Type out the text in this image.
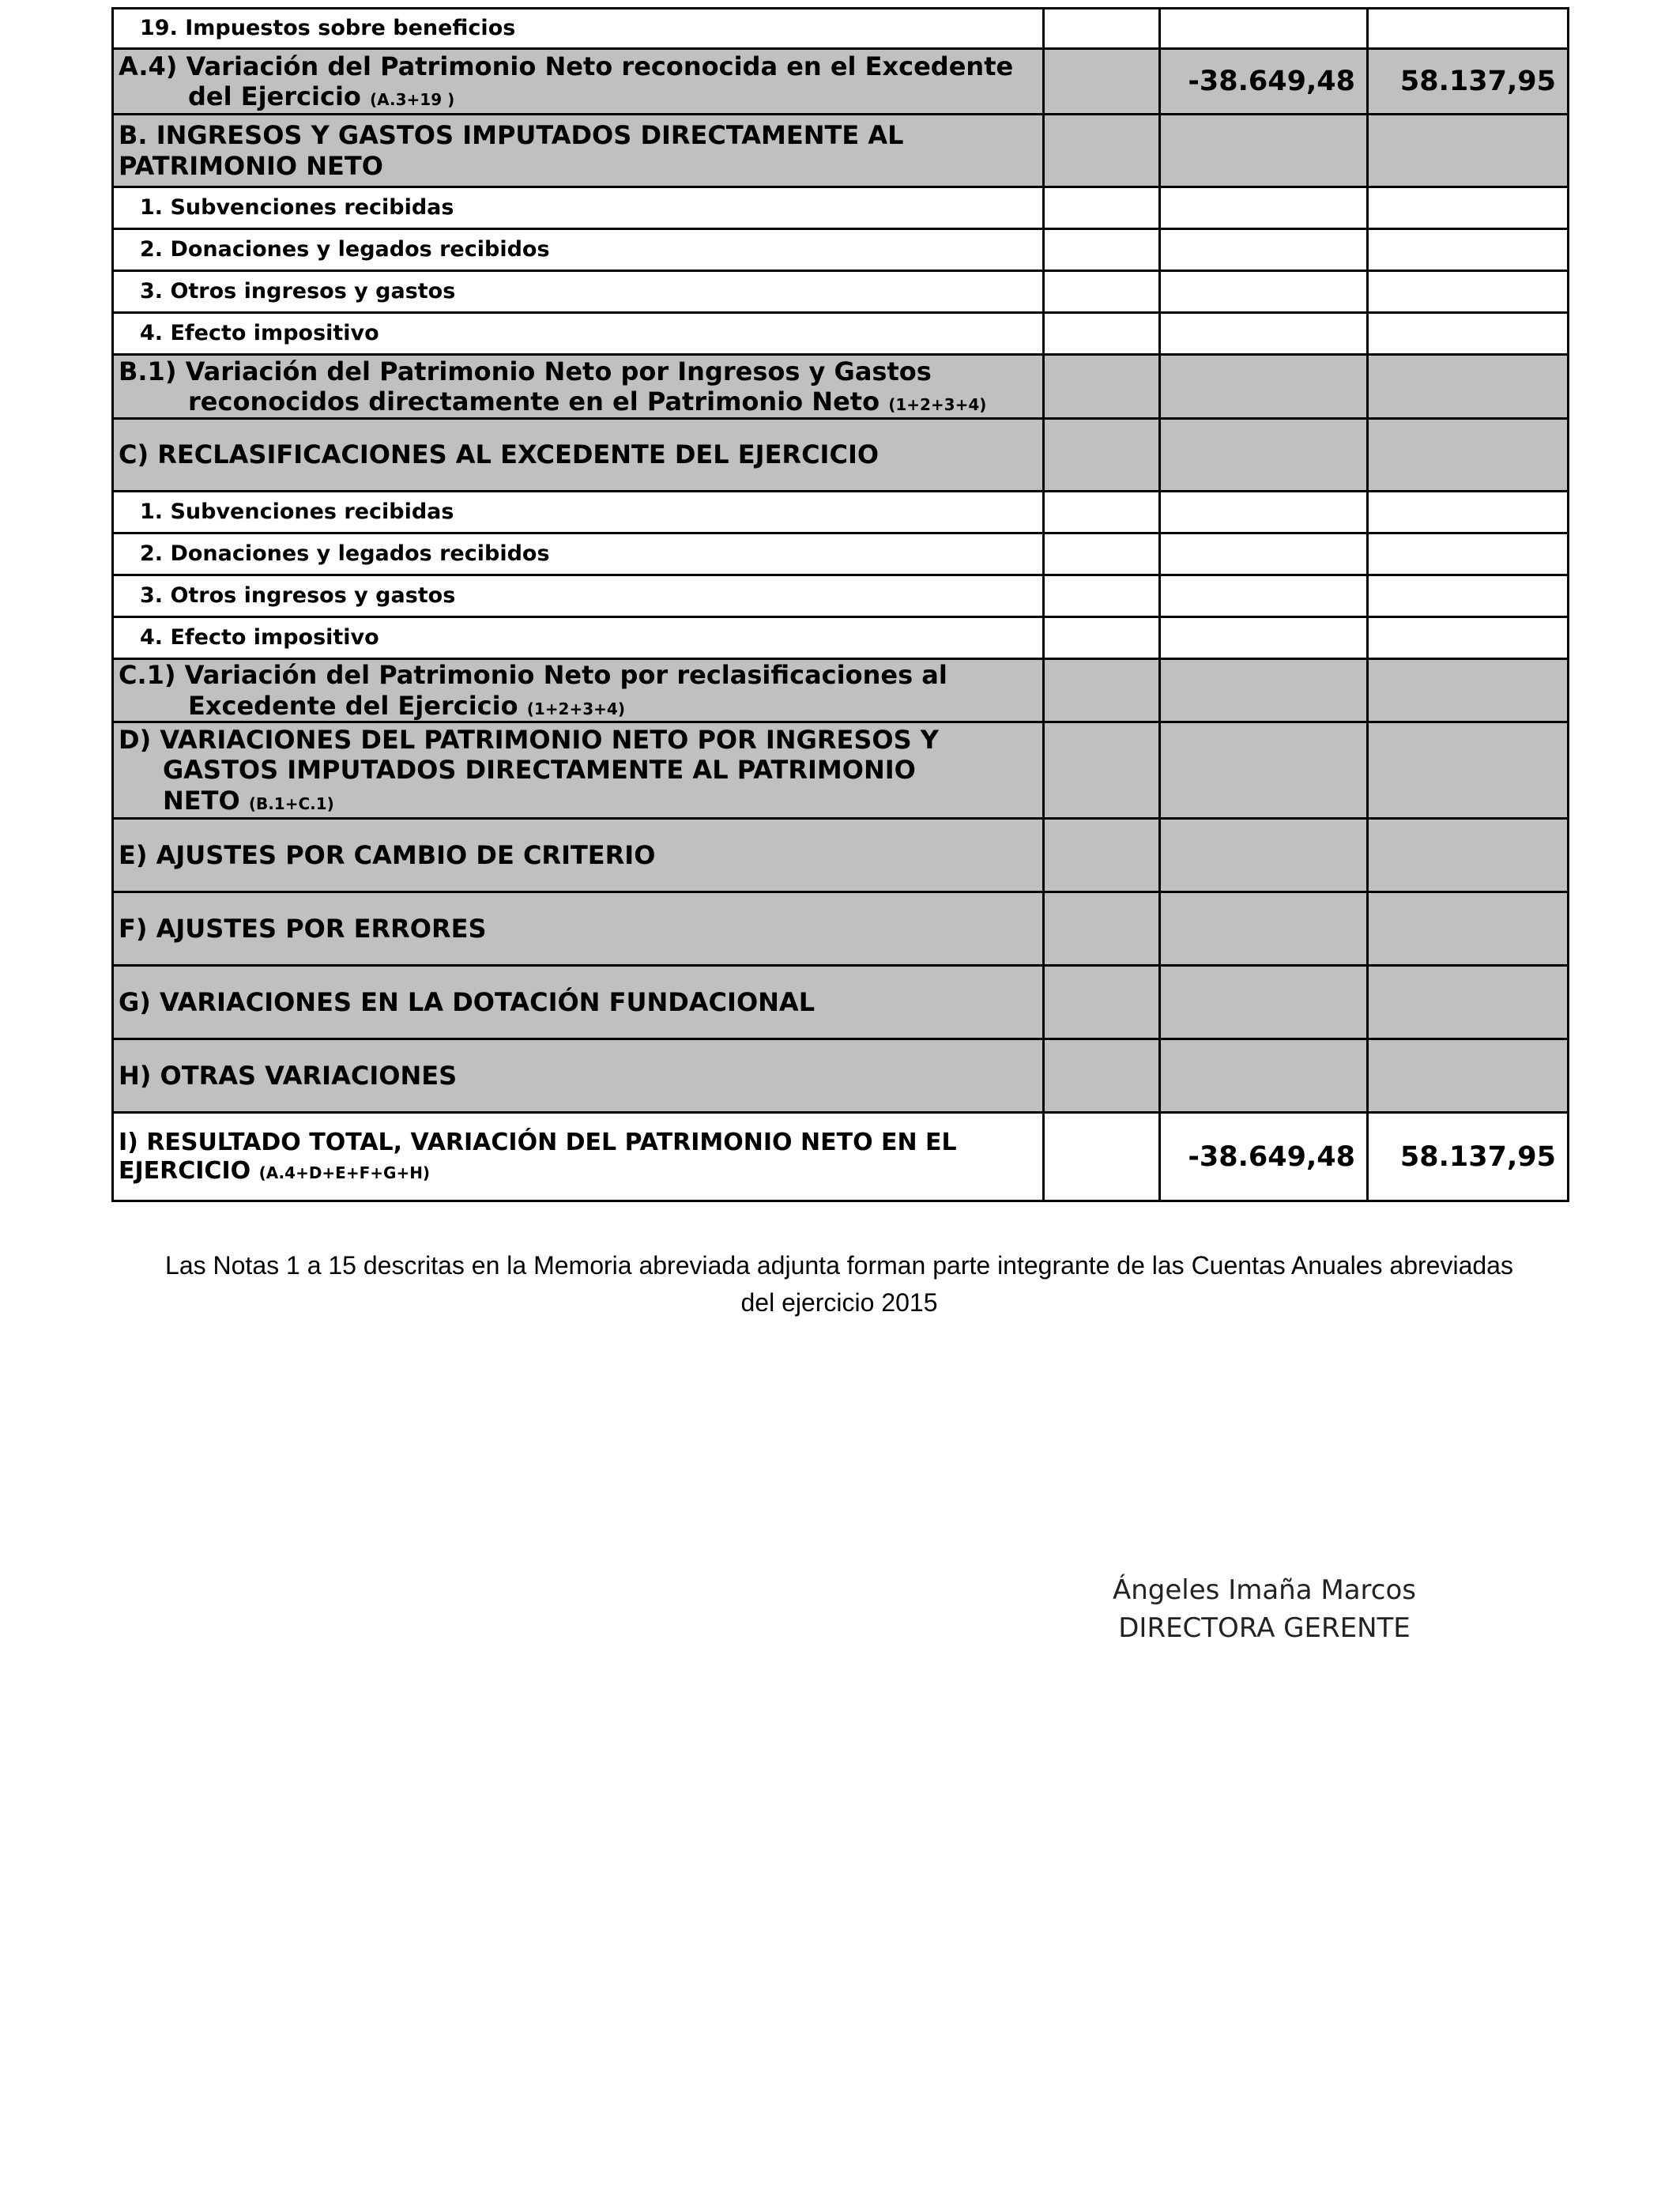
19. Impuestos sobre beneficios			

A.4) Variación del Patrimonio Neto reconocida en el Excedente
del Ejercicio (A.3+19 )		-38.649,48	58.137,95

B. INGRESOS Y GASTOS IMPUTADOS DIRECTAMENTE AL
PATRIMONIO NETO			

1. Subvenciones recibidas			
2. Donaciones y legados recibidos			
3. Otros ingresos y gastos			
4. Efecto impositivo			

B.1) Variación del Patrimonio Neto por Ingresos y Gastos
reconocidos directamente en el Patrimonio Neto (1+2+3+4)			
C) RECLASIFICACIONES AL EXCEDENTE DEL EJERCICIO			
1. Subvenciones recibidas			
2. Donaciones y legados recibidos			
3. Otros ingresos y gastos			
4. Efecto impositivo			

C.1) Variación del Patrimonio Neto por reclasificaciones al
Excedente del Ejercicio (1+2+3+4)			

D) VARIACIONES DEL PATRIMONIO NETO POR INGRESOS Y
GASTOS IMPUTADOS DIRECTAMENTE AL PATRIMONIO NETO (B.1+C.1)			
E) AJUSTES POR CAMBIO DE CRITERIO			
F) AJUSTES POR ERRORES			
G) VARIACIONES EN LA DOTACIÓN FUNDACIONAL			
H) OTRAS VARIACIONES			

I) RESULTADO TOTAL, VARIACIÓN DEL PATRIMONIO NETO EN EL
EJERCICIO (A.4+D+E+F+G+H)		-38.649,48	58.137,95
Las Notas 1 a 15 descritas en la Memoria abreviada adjunta forman parte integrante de las Cuentas Anuales abreviadas
del ejercicio 2015
Ángeles Imaña Marcos
DIRECTORA GERENTE
